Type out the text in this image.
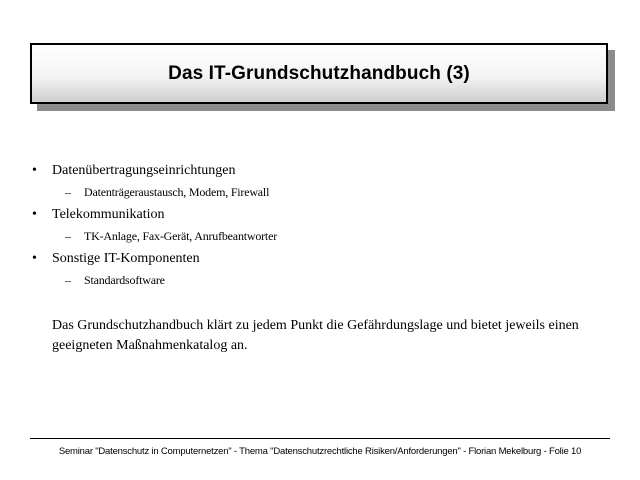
Das IT-Grundschutzhandbuch (3)
• Datenübertragungseinrichtungen
– Datenträgeraustausch, Modem, Firewall
• Telekommunikation
– TK-Anlage, Fax-Gerät, Anrufbeantworter
• Sonstige IT-Komponenten
– Standardsoftware
Das Grundschutzhandbuch klärt zu jedem Punkt die Gefährdungslage und bietet jeweils einen geeigneten Maßnahmenkatalog an.
Seminar "Datenschutz in Computernetzen" - Thema "Datenschutzrechtliche Risiken/Anforderungen" - Florian Mekelburg - Folie 10
